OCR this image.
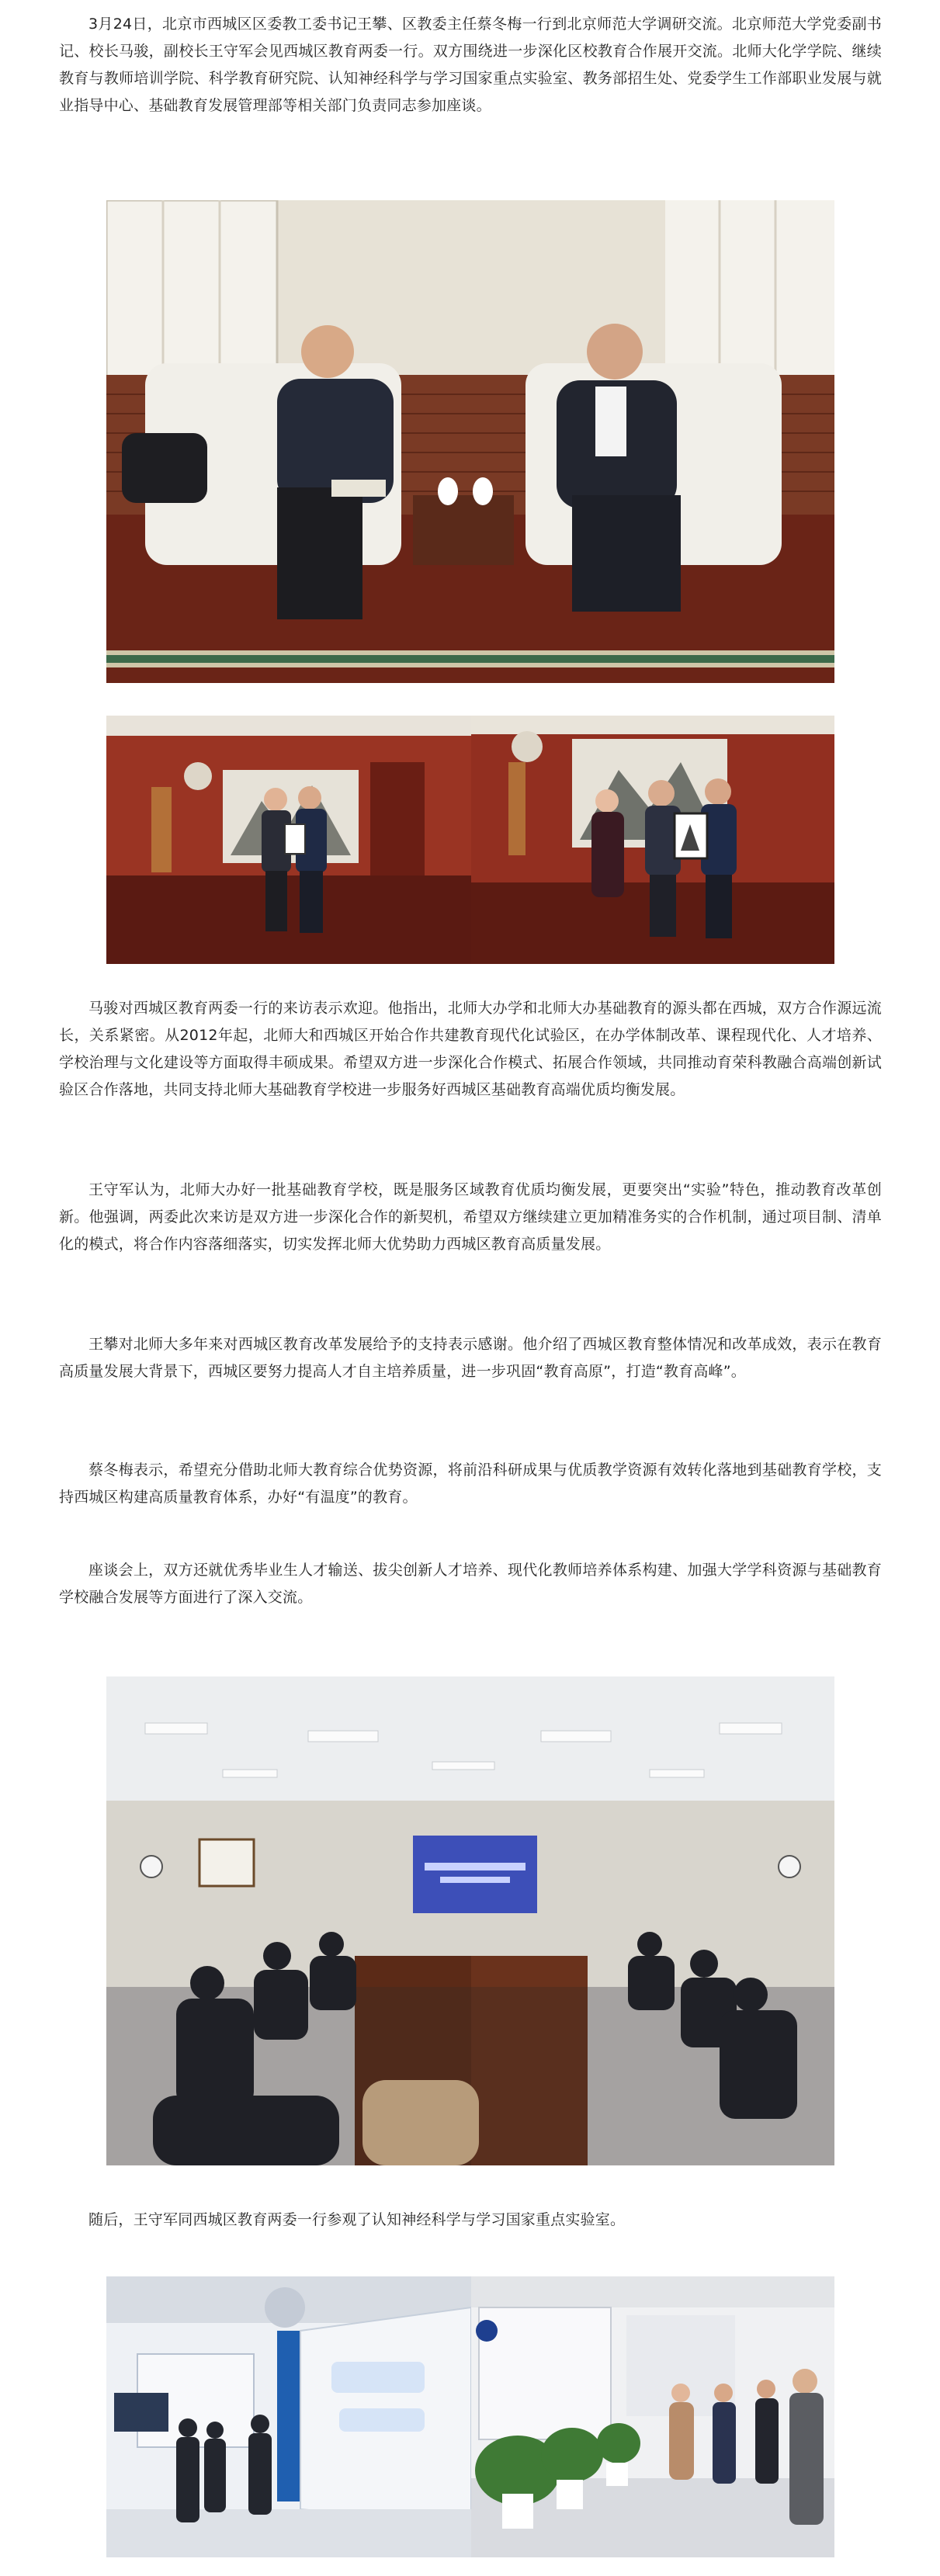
3月24日，北京市西城区区委教工委书记王攀、区教委主任蔡冬梅一行到北京师范大学调研交流。北京师范大学党委副书记、校长马骏，副校长王守军会见西城区教育两委一行。双方围绕进一步深化区校教育合作展开交流。北师大化学学院、继续教育与教师培训学院、科学教育研究院、认知神经科学与学习国家重点实验室、教务部招生处、党委学生工作部职业发展与就业指导中心、基础教育发展管理部等相关部门负责同志参加座谈。

马骏对西城区教育两委一行的来访表示欢迎。他指出，北师大办学和北师大办基础教育的源头都在西城，双方合作源远流长，关系紧密。从2012年起，北师大和西城区开始合作共建教育现代化试验区，在办学体制改革、课程现代化、人才培养、学校治理与文化建设等方面取得丰硕成果。希望双方进一步深化合作模式、拓展合作领域，共同推动育荣科教融合高端创新试验区合作落地，共同支持北师大基础教育学校进一步服务好西城区基础教育高端优质均衡发展。

王守军认为，北师大办好一批基础教育学校，既是服务区域教育优质均衡发展，更要突出“实验”特色，推动教育改革创新。他强调，两委此次来访是双方进一步深化合作的新契机，希望双方继续建立更加精准务实的合作机制，通过项目制、清单化的模式，将合作内容落细落实，切实发挥北师大优势助力西城区教育高质量发展。

王攀对北师大多年来对西城区教育改革发展给予的支持表示感谢。他介绍了西城区教育整体情况和改革成效，表示在教育高质量发展大背景下，西城区要努力提高人才自主培养质量，进一步巩固“教育高原”，打造“教育高峰”。

蔡冬梅表示，希望充分借助北师大教育综合优势资源，将前沿科研成果与优质教学资源有效转化落地到基础教育学校，支持西城区构建高质量教育体系，办好“有温度”的教育。

座谈会上，双方还就优秀毕业生人才输送、拔尖创新人才培养、现代化教师培养体系构建、加强大学学科资源与基础教育学校融合发展等方面进行了深入交流。

随后，王守军同西城区教育两委一行参观了认知神经科学与学习国家重点实验室。
